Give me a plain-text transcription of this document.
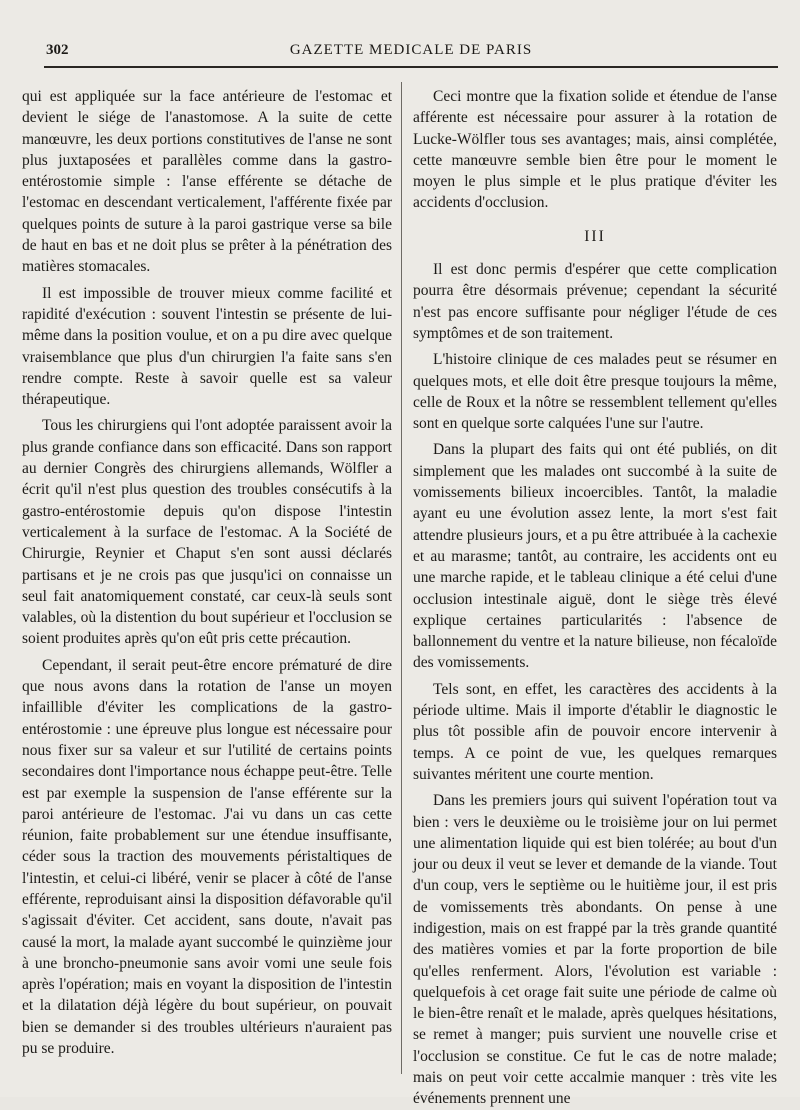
302	GAZETTE MEDICALE DE PARIS

qui est appliquée sur la face antérieure de l'estomac et devient le siége de l'anastomose. A la suite de cette manœuvre, les deux portions constitutives de l'anse ne sont plus juxtaposées et parallèles comme dans la gastro-entérostomie simple : l'anse efférente se détache de l'estomac en descendant verticalement, l'afférente fixée par quelques points de suture à la paroi gastrique verse sa bile de haut en bas et ne doit plus se prêter à la pénétration des matières stomacales.

Il est impossible de trouver mieux comme facilité et rapidité d'exécution : souvent l'intestin se présente de lui-même dans la position voulue, et on a pu dire avec quelque vraisemblance que plus d'un chirurgien l'a faite sans s'en rendre compte. Reste à savoir quelle est sa valeur thérapeutique.

Tous les chirurgiens qui l'ont adoptée paraissent avoir la plus grande confiance dans son efficacité. Dans son rapport au dernier Congrès des chirurgiens allemands, Wölfler a écrit qu'il n'est plus question des troubles consécutifs à la gastro-entérostomie depuis qu'on dispose l'intestin verticalement à la surface de l'estomac. A la Société de Chirurgie, Reynier et Chaput s'en sont aussi déclarés partisans et je ne crois pas que jusqu'ici on connaisse un seul fait anatomiquement constaté, car ceux-là seuls sont valables, où la distention du bout supérieur et l'occlusion se soient produites après qu'on eût pris cette précaution.

Cependant, il serait peut-être encore prématuré de dire que nous avons dans la rotation de l'anse un moyen infaillible d'éviter les complications de la gastro-entérostomie : une épreuve plus longue est nécessaire pour nous fixer sur sa valeur et sur l'utilité de certains points secondaires dont l'importance nous échappe peut-être. Telle est par exemple la suspension de l'anse efférente sur la paroi antérieure de l'estomac. J'ai vu dans un cas cette réunion, faite probablement sur une étendue insuffisante, céder sous la traction des mouvements péristaltiques de l'intestin, et celui-ci libéré, venir se placer à côté de l'anse efférente, reproduisant ainsi la disposition défavorable qu'il s'agissait d'éviter. Cet accident, sans doute, n'avait pas causé la mort, la malade ayant succombé le quinzième jour à une broncho-pneumonie sans avoir vomi une seule fois après l'opération; mais en voyant la disposition de l'intestin et la dilatation déjà légère du bout supérieur, on pouvait bien se demander si des troubles ultérieurs n'auraient pas pu se produire.

Ceci montre que la fixation solide et étendue de l'anse afférente est nécessaire pour assurer à la rotation de Lucke-Wölfler tous ses avantages; mais, ainsi complétée, cette manœuvre semble bien être pour le moment le moyen le plus simple et le plus pratique d'éviter les accidents d'occlusion.

III

Il est donc permis d'espérer que cette complication pourra être désormais prévenue; cependant la sécurité n'est pas encore suffisante pour négliger l'étude de ces symptômes et de son traitement.

L'histoire clinique de ces malades peut se résumer en quelques mots, et elle doit être presque toujours la même, celle de Roux et la nôtre se ressemblent tellement qu'elles sont en quelque sorte calquées l'une sur l'autre.

Dans la plupart des faits qui ont été publiés, on dit simplement que les malades ont succombé à la suite de vomissements bilieux incoercibles. Tantôt, la maladie ayant eu une évolution assez lente, la mort s'est fait attendre plusieurs jours, et a pu être attribuée à la cachexie et au marasme; tantôt, au contraire, les accidents ont eu une marche rapide, et le tableau clinique a été celui d'une occlusion intestinale aiguë, dont le siège très élevé explique certaines particularités : l'absence de ballonnement du ventre et la nature bilieuse, non fécaloïde des vomissements.

Tels sont, en effet, les caractères des accidents à la période ultime. Mais il importe d'établir le diagnostic le plus tôt possible afin de pouvoir encore intervenir à temps. A ce point de vue, les quelques remarques suivantes méritent une courte mention.

Dans les premiers jours qui suivent l'opération tout va bien : vers le deuxième ou le troisième jour on lui permet une alimentation liquide qui est bien tolérée; au bout d'un jour ou deux il veut se lever et demande de la viande. Tout d'un coup, vers le septième ou le huitième jour, il est pris de vomissements très abondants. On pense à une indigestion, mais on est frappé par la très grande quantité des matières vomies et par la forte proportion de bile qu'elles renferment. Alors, l'évolution est variable : quelquefois à cet orage fait suite une période de calme où le bien-être renaît et le malade, après quelques hésitations, se remet à manger; puis survient une nouvelle crise et l'occlusion se constitue. Ce fut le cas de notre malade; mais on peut voir cette accalmie manquer : très vite les événements prennent une
